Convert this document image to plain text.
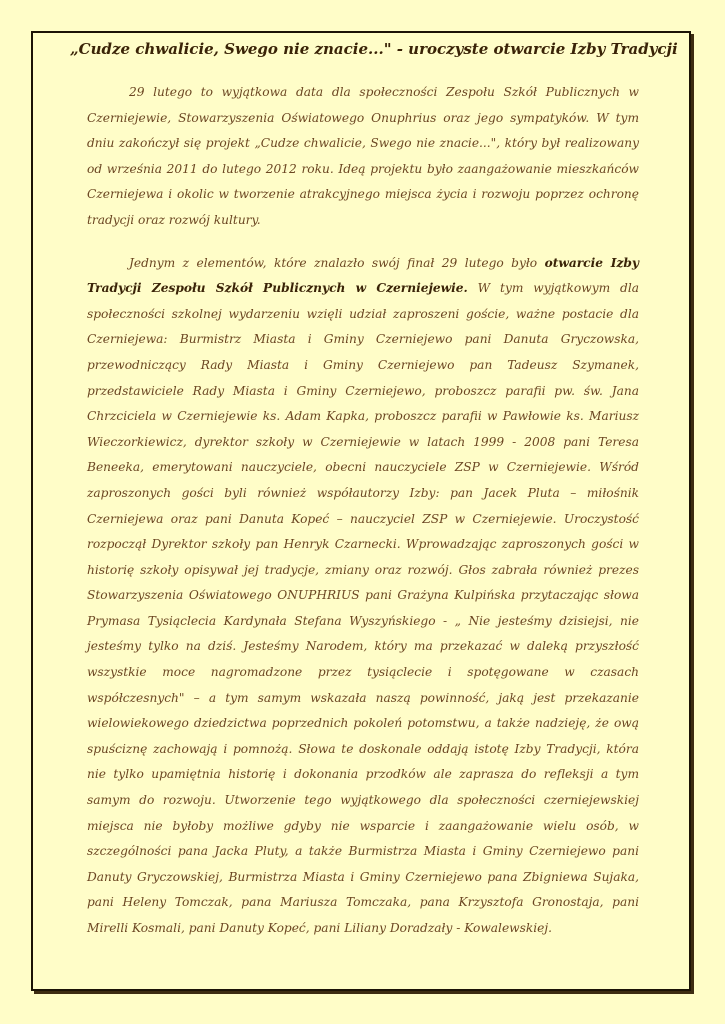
„Cudze chwalicie, Swego nie znacie..." - uroczyste otwarcie Izby Tradycji

29 lutego to wyjątkowa data dla społeczności Zespołu Szkół Publicznych w Czerniejewie, Stowarzyszenia Oświatowego Onuphrius oraz jego sympatyków. W tym dniu zakończył się projekt „Cudze chwalicie, Swego nie znacie...", który był realizowany od września 2011 do lutego 2012 roku. Ideą projektu było zaangażowanie mieszkańców Czerniejewa i okolic w tworzenie atrakcyjnego miejsca życia i rozwoju poprzez ochronę tradycji oraz rozwój kultury.

Jednym z elementów, które znalazło swój finał 29 lutego było otwarcie Izby Tradycji Zespołu Szkół Publicznych w Czerniejewie. W tym wyjątkowym dla społeczności szkolnej wydarzeniu wzięli udział zaproszeni goście, ważne postacie dla Czerniejewa: Burmistrz Miasta i Gminy Czerniejewo pani Danuta Gryczowska, przewodniczący Rady Miasta i Gminy Czerniejewo pan Tadeusz Szymanek, przedstawiciele Rady Miasta i Gminy Czerniejewo, proboszcz parafii pw. św. Jana Chrzciciela w Czerniejewie ks. Adam Kapka, proboszcz parafii w Pawłowie ks. Mariusz Wieczorkiewicz, dyrektor szkoły w Czerniejewie w latach 1999 - 2008 pani Teresa Beneeka, emerytowani nauczyciele, obecni nauczyciele ZSP w Czerniejewie. Wśród zaproszonych gości byli również współautorzy Izby: pan Jacek Pluta – miłośnik Czerniejewa oraz pani Danuta Kopeć – nauczyciel ZSP w Czerniejewie. Uroczystość rozpoczął Dyrektor szkoły pan Henryk Czarnecki. Wprowadzając zaproszonych gości w historię szkoły opisywał jej tradycje, zmiany oraz rozwój. Głos zabrała również prezes Stowarzyszenia Oświatowego ONUPHRIUS pani Grażyna Kulpińska przytaczając słowa Prymasa Tysiąclecia Kardynała Stefana Wyszyńskiego - „ Nie jesteśmy dzisiejsi, nie jesteśmy tylko na dziś. Jesteśmy Narodem, który ma przekazać w daleką przyszłość wszystkie moce nagromadzone przez tysiąclecie i spotęgowane w czasach współczesnych" – a tym samym wskazała naszą powinność, jaką jest przekazanie wielowiekowego dziedzictwa poprzednich pokoleń potomstwu, a także nadzieję, że ową spuściznę zachowają i pomnożą. Słowa te doskonale oddają istotę Izby Tradycji, która nie tylko upamiętnia historię i dokonania przodków ale zaprasza do refleksji a tym samym do rozwoju. Utworzenie tego wyjątkowego dla społeczności czerniejewskiej miejsca nie byłoby możliwe gdyby nie wsparcie i zaangażowanie wielu osób, w szczególności pana Jacka Pluty, a także Burmistrza Miasta i Gminy Czerniejewo pani Danuty Gryczowskiej, Burmistrza Miasta i Gminy Czerniejewo pana Zbigniewa Sujaka, pani Heleny Tomczak, pana Mariusza Tomczaka, pana Krzysztofa Gronostaja, pani Mirelli Kosmali, pani Danuty Kopeć, pani Liliany Doradzały - Kowalewskiej.
